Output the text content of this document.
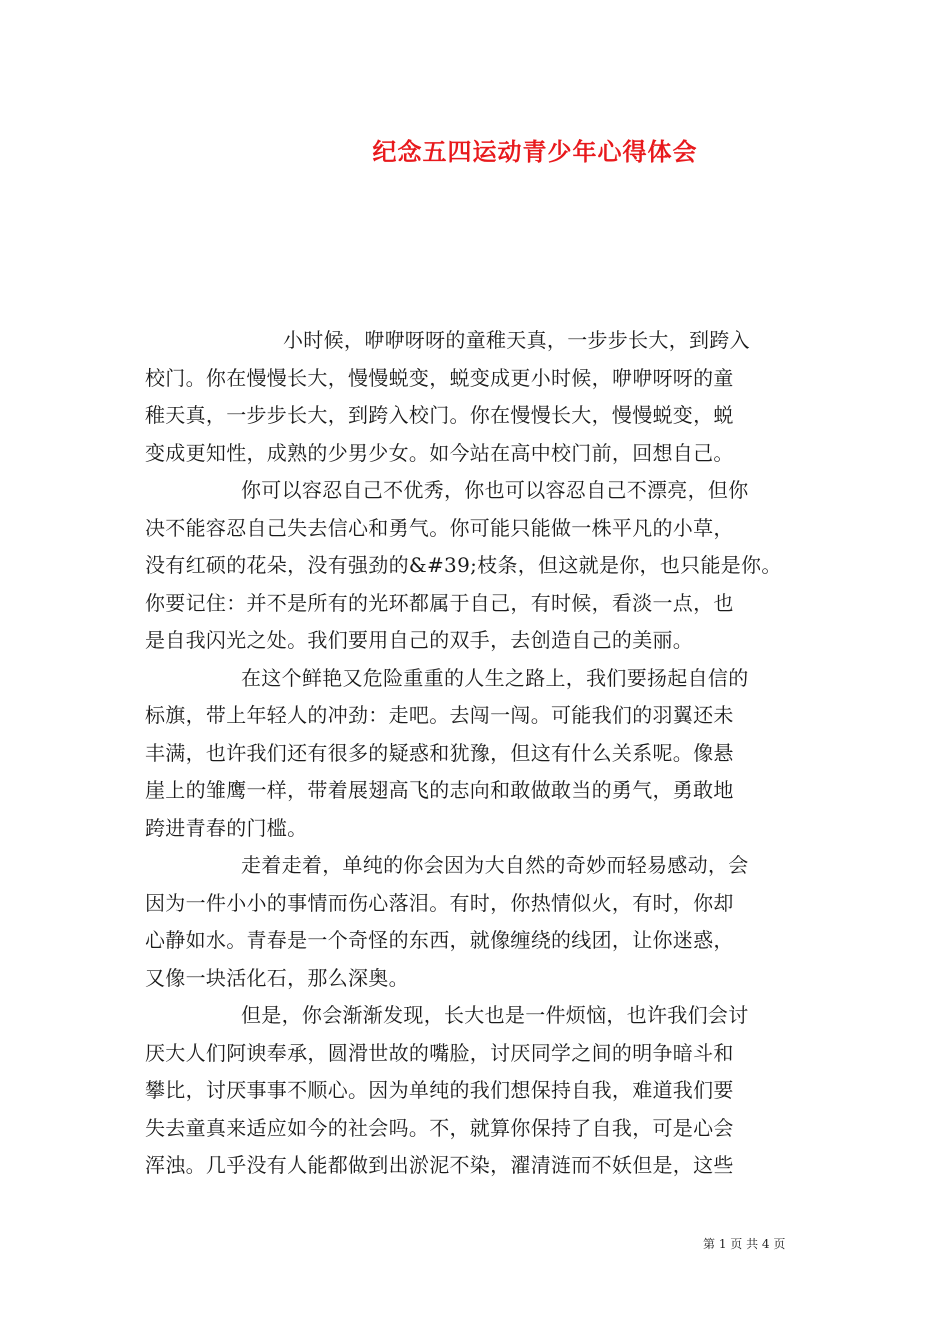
纪念五四运动青少年心得体会
小时候，咿咿呀呀的童稚天真，一步步长大，到跨入
校门。你在慢慢长大，慢慢蜕变，蜕变成更小时候，咿咿呀呀的童
稚天真，一步步长大，到跨入校门。你在慢慢长大，慢慢蜕变，蜕
变成更知性，成熟的少男少女。如今站在高中校门前，回想自己。
你可以容忍自己不优秀，你也可以容忍自己不漂亮，但你
决不能容忍自己失去信心和勇气。你可能只能做一株平凡的小草，
没有红硕的花朵，没有强劲的&#39;枝条，但这就是你，也只能是你。
你要记住：并不是所有的光环都属于自己，有时候，看淡一点，也
是自我闪光之处。我们要用自己的双手，去创造自己的美丽。
在这个鲜艳又危险重重的人生之路上，我们要扬起自信的
标旗，带上年轻人的冲劲：走吧。去闯一闯。可能我们的羽翼还未
丰满，也许我们还有很多的疑惑和犹豫，但这有什么关系呢。像悬
崖上的雏鹰一样，带着展翅高飞的志向和敢做敢当的勇气，勇敢地
跨进青春的门槛。
走着走着，单纯的你会因为大自然的奇妙而轻易感动，会
因为一件小小的事情而伤心落泪。有时，你热情似火，有时，你却
心静如水。青春是一个奇怪的东西，就像缠绕的线团，让你迷惑，
又像一块活化石，那么深奥。
但是，你会渐渐发现，长大也是一件烦恼，也许我们会讨
厌大人们阿谀奉承，圆滑世故的嘴脸，讨厌同学之间的明争暗斗和
攀比，讨厌事事不顺心。因为单纯的我们想保持自我，难道我们要
失去童真来适应如今的社会吗。不，就算你保持了自我，可是心会
浑浊。几乎没有人能都做到出淤泥不染，濯清涟而不妖但是，这些
第 1 页 共 4 页
